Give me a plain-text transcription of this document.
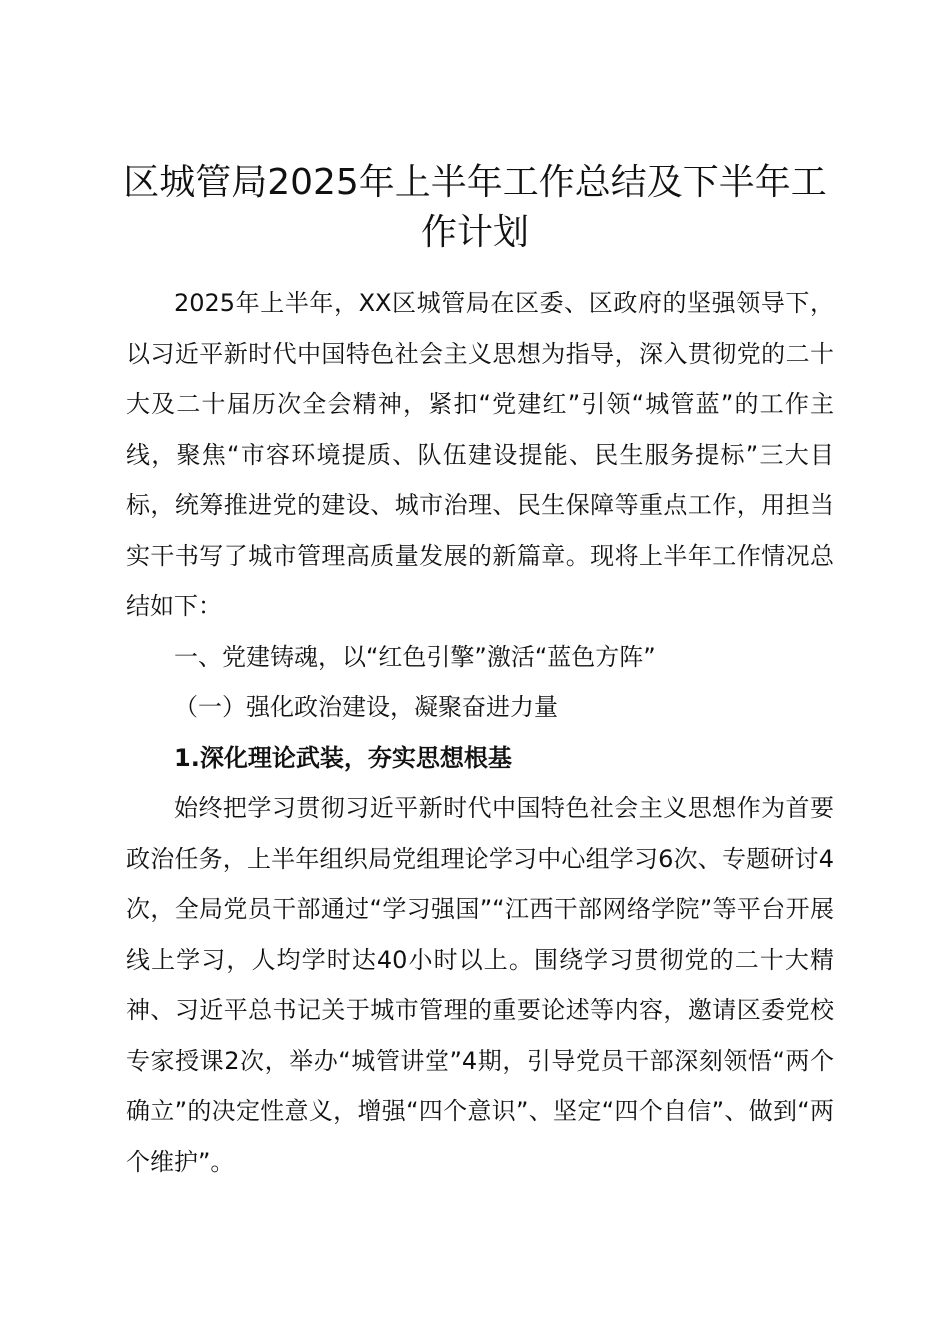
区城管局2025年上半年工作总结及下半年工作计划

2025年上半年，XX区城管局在区委、区政府的坚强领导下，以习近平新时代中国特色社会主义思想为指导，深入贯彻党的二十大及二十届历次全会精神，紧扣“党建红”引领“城管蓝”的工作主线，聚焦“市容环境提质、队伍建设提能、民生服务提标”三大目标，统筹推进党的建设、城市治理、民生保障等重点工作，用担当实干书写了城市管理高质量发展的新篇章。现将上半年工作情况总结如下：

一、党建铸魂，以“红色引擎”激活“蓝色方阵”

（一）强化政治建设，凝聚奋进力量

1.深化理论武装，夯实思想根基

始终把学习贯彻习近平新时代中国特色社会主义思想作为首要政治任务，上半年组织局党组理论学习中心组学习6次、专题研讨4次，全局党员干部通过“学习强国”“江西干部网络学院”等平台开展线上学习，人均学时达40小时以上。围绕学习贯彻党的二十大精神、习近平总书记关于城市管理的重要论述等内容，邀请区委党校专家授课2次，举办“城管讲堂”4期，引导党员干部深刻领悟“两个确立”的决定性意义，增强“四个意识”、坚定“四个自信”、做到“两个维护”。
